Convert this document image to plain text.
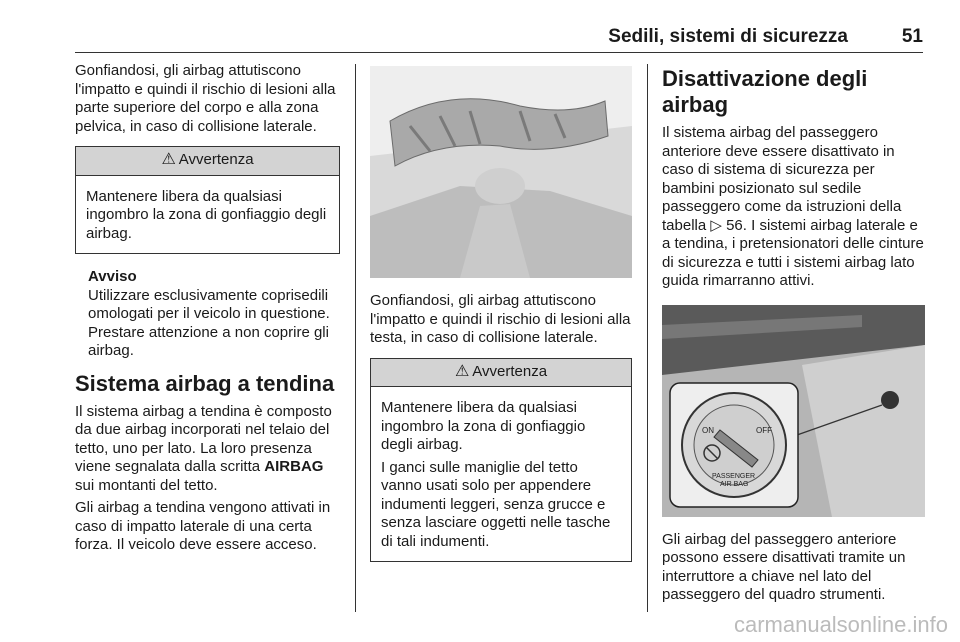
Sedili, sistemi di sicurezza	51

Gonfiandosi, gli airbag attutiscono l'impatto e quindi il rischio di lesioni alla parte superiore del corpo e alla zona pelvica, in caso di collisione laterale.

⚠ Avvertenza

Mantenere libera da qualsiasi ingombro la zona di gonfiaggio degli airbag.

Avviso
Utilizzare esclusivamente coprisedili omologati per il veicolo in questione. Prestare attenzione a non coprire gli airbag.
Sistema airbag a tendina

Il sistema airbag a tendina è composto da due airbag incorporati nel telaio del tetto, uno per lato. La loro presenza viene segnalata dalla scritta AIRBAG sui montanti del tetto.

Gli airbag a tendina vengono attivati in caso di impatto laterale di una certa forza. Il veicolo deve essere acceso.

Gonfiandosi, gli airbag attutiscono l'impatto e quindi il rischio di lesioni alla testa, in caso di collisione laterale.

⚠ Avvertenza

Mantenere libera da qualsiasi ingombro la zona di gonfiaggio degli airbag.

I ganci sulle maniglie del tetto vanno usati solo per appendere indumenti leggeri, senza grucce e senza lasciare oggetti nelle tasche di tali indumenti.

Disattivazione degli airbag

Il sistema airbag del passeggero anteriore deve essere disattivato in caso di sistema di sicurezza per bambini posizionato sul sedile passeggero come da istruzioni della tabella ▷ 56. I sistemi airbag laterale e a tendina, i pretensionatori delle cinture di sicurezza e tutti i sistemi airbag lato guida rimarranno attivi.

ON	OFF
PASSENGER
AIR BAG

Gli airbag del passeggero anteriore possono essere disattivati tramite un interruttore a chiave nel lato del passeggero del quadro strumenti.

carmanualsonline.info
